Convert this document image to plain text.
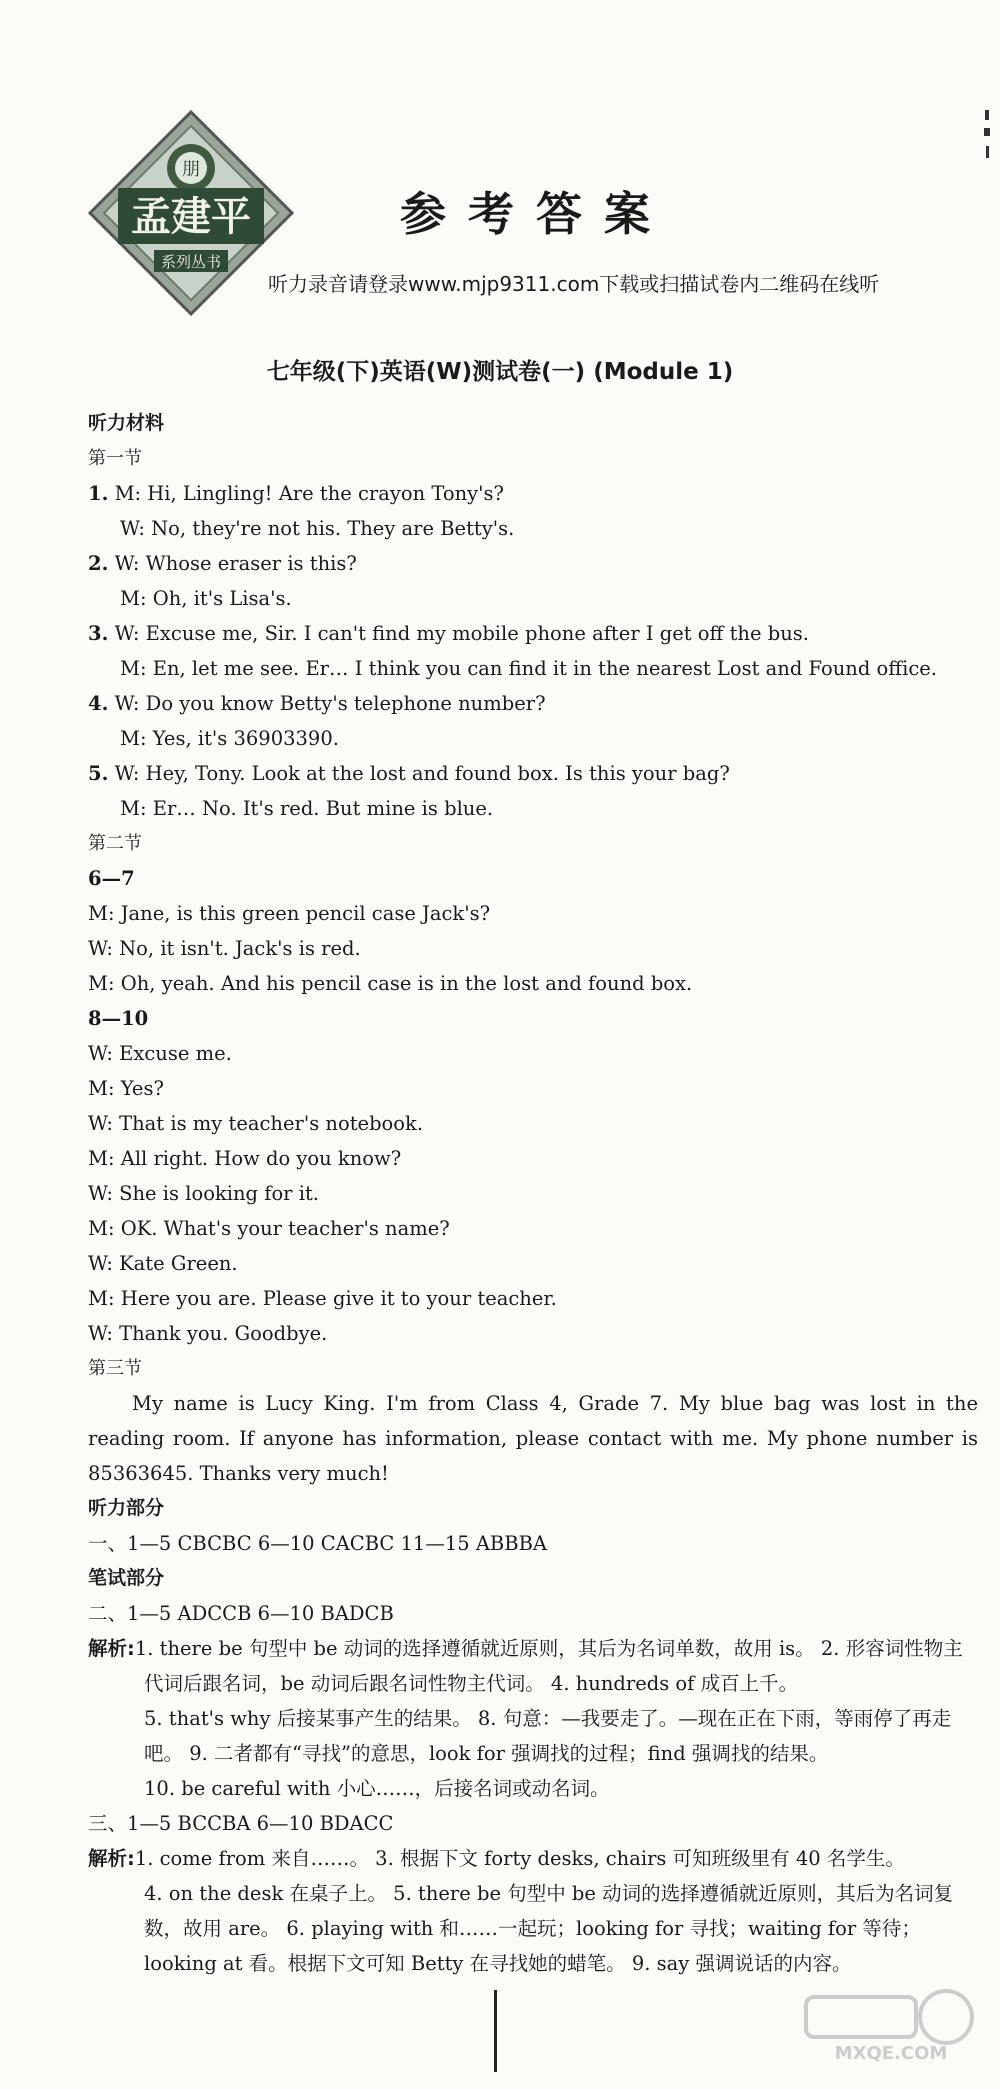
朋
孟建平
系列丛书
参考答案
听力录音请登录www.mjp9311.com下载或扫描试卷内二维码在线听
七年级(下)英语(W)测试卷(一) (Module 1)
听力材料
第一节
1. M: Hi, Lingling! Are the crayon Tony's?
W: No, they're not his. They are Betty's.
2. W: Whose eraser is this?
M: Oh, it's Lisa's.
3. W: Excuse me, Sir. I can't find my mobile phone after I get off the bus.
M: En, let me see. Er… I think you can find it in the nearest Lost and Found office.
4. W: Do you know Betty's telephone number?
M: Yes, it's 36903390.
5. W: Hey, Tony. Look at the lost and found box. Is this your bag?
M: Er… No. It's red. But mine is blue.
第二节
6—7
M: Jane, is this green pencil case Jack's?
W: No, it isn't. Jack's is red.
M: Oh, yeah. And his pencil case is in the lost and found box.
8—10
W: Excuse me.
M: Yes?
W: That is my teacher's notebook.
M: All right. How do you know?
W: She is looking for it.
M: OK. What's your teacher's name?
W: Kate Green.
M: Here you are. Please give it to your teacher.
W: Thank you. Goodbye.
第三节
My name is Lucy King. I'm from Class 4, Grade 7. My blue bag was lost in the reading room. If anyone has information, please contact with me. My phone number is 85363645. Thanks very much!
听力部分
一、1—5 CBCBC 6—10 CACBC 11—15 ABBBA
笔试部分
二、1—5 ADCCB 6—10 BADCB
解析:1. there be 句型中 be 动词的选择遵循就近原则，其后为名词单数，故用 is。 2. 形容词性物主代词后跟名词，be 动词后跟名词性物主代词。 4. hundreds of 成百上千。
5. that's why 后接某事产生的结果。 8. 句意：—我要走了。—现在正在下雨，等雨停了再走吧。 9. 二者都有“寻找”的意思，look for 强调找的过程；find 强调找的结果。
10. be careful with 小心……，后接名词或动名词。
三、1—5 BCCBA 6—10 BDACC
解析:1. come from 来自……。 3. 根据下文 forty desks, chairs 可知班级里有 40 名学生。
4. on the desk 在桌子上。 5. there be 句型中 be 动词的选择遵循就近原则，其后为名词复数，故用 are。 6. playing with 和……一起玩；looking for 寻找；waiting for 等待；looking at 看。根据下文可知 Betty 在寻找她的蜡笔。 9. say 强调说话的内容。
MXQE.COM
